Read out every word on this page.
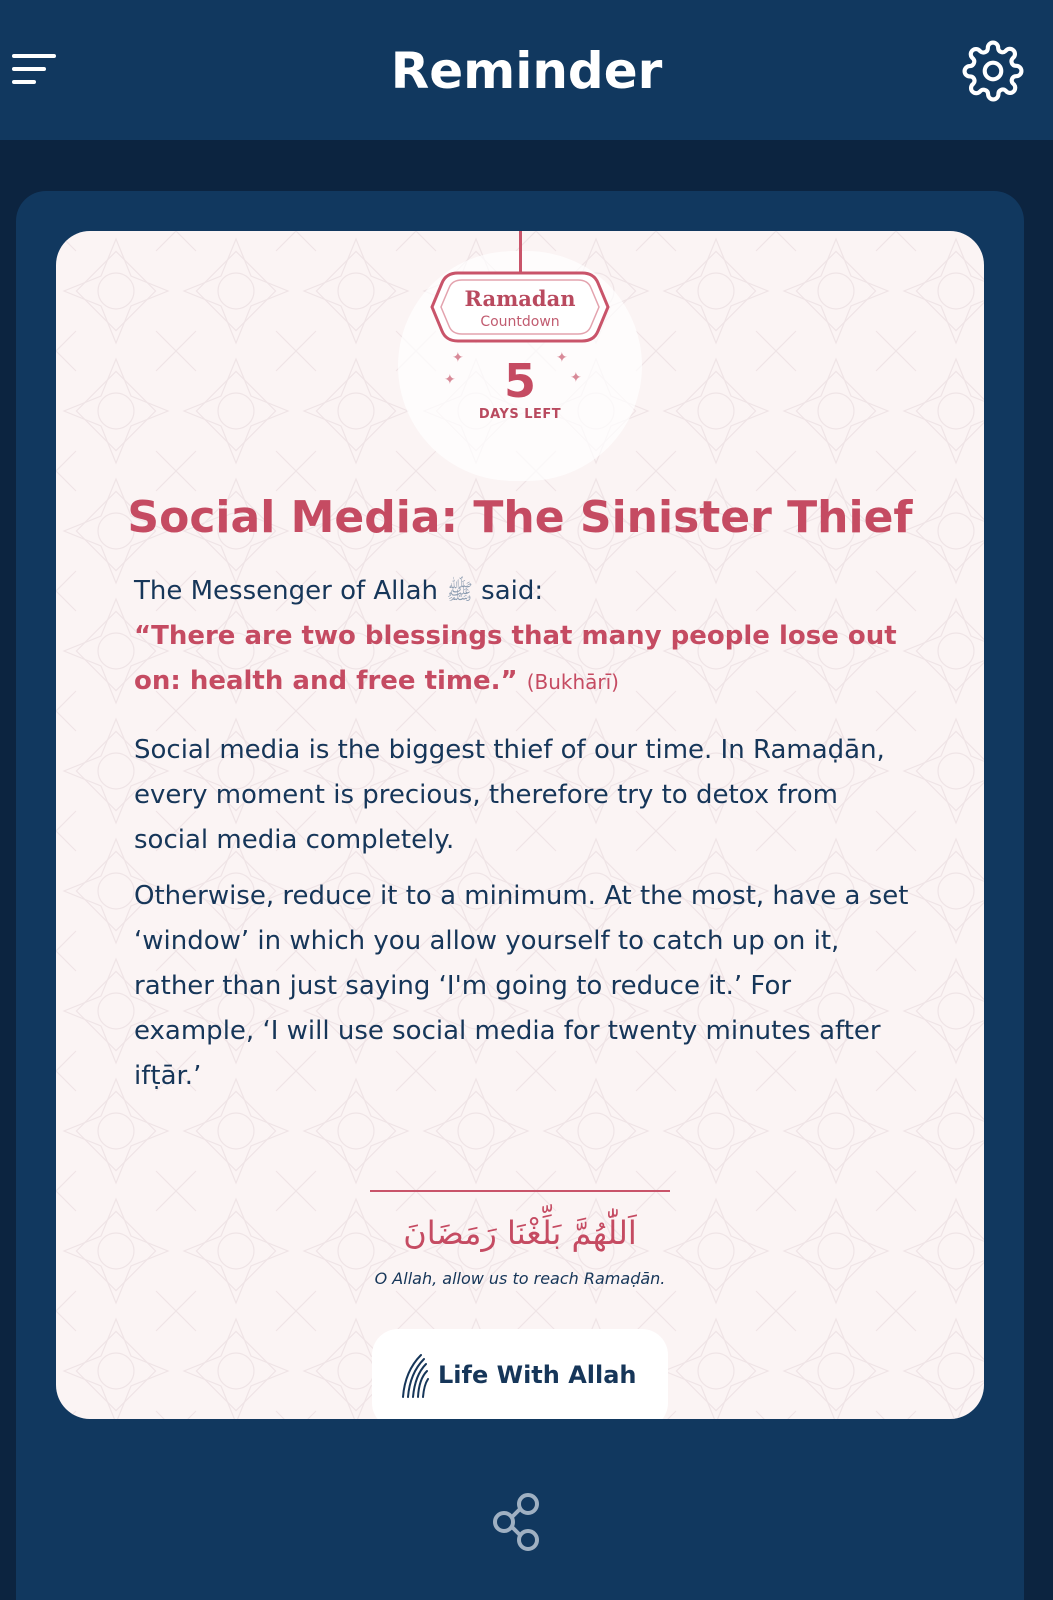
Reminder
Ramadan
Countdown
✦
✦
✦
✦
5
DAYS LEFT
Social Media: The Sinister Thief
The Messenger of Allah ﷺ said:
“There are two blessings that many people lose out on: health and free time.” (Bukhārī)
Social media is the biggest thief of our time. In Ramaḍān, every moment is precious, therefore try to detox from social media completely.
Otherwise, reduce it to a minimum. At the most, have a set ‘window’ in which you allow yourself to catch up on it, rather than just saying ‘I'm going to reduce it.’ For example, ‘I will use social media for twenty minutes after ifṭār.’
اَللّٰهُمَّ بَلِّغْنَا رَمَضَانَ
O Allah, allow us to reach Ramaḍān.
Life With Allah
